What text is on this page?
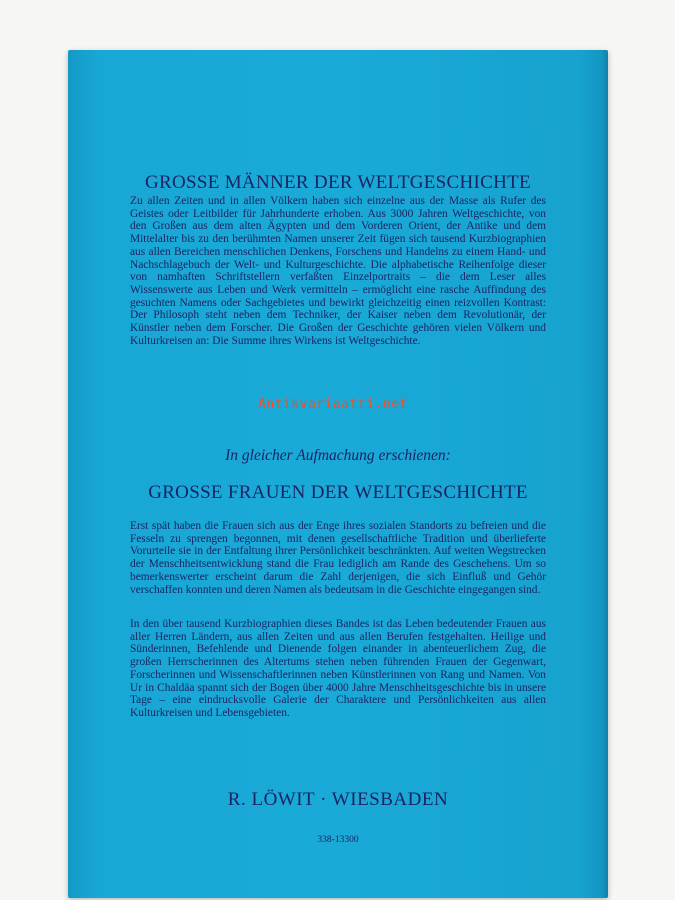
GROSSE MÄNNER DER WELTGESCHICHTE

Zu allen Zeiten und in allen Völkern haben sich einzelne aus der Masse als Rufer des Geistes oder Leitbilder für Jahrhunderte erhoben. Aus 3000 Jahren Weltgeschichte, von den Großen aus dem alten Ägypten und dem Vorderen Orient, der Antike und dem Mittelalter bis zu den berühmten Namen unserer Zeit fügen sich tausend Kurzbiographien aus allen Bereichen menschlichen Denkens, Forschens und Handelns zu einem Hand- und Nachschlagebuch der Welt- und Kulturgeschichte. Die alphabetische Reihenfolge dieser von namhaften Schriftstellern verfaßten Einzelportraits – die dem Leser alles Wissenswerte aus Leben und Werk vermitteln – ermöglicht eine rasche Auffindung des gesuchten Namens oder Sachgebietes und bewirkt gleichzeitig einen reizvollen Kontrast: Der Philosoph steht neben dem Techniker, der Kaiser neben dem Revolutionär, der Künstler neben dem Forscher. Die Großen der Geschichte gehören vielen Völkern und Kulturkreisen an: Die Summe ihres Wirkens ist Weltgeschichte.

Antikvariaatti.net
In gleicher Aufmachung erschienen:
GROSSE FRAUEN DER WELTGESCHICHTE

Erst spät haben die Frauen sich aus der Enge ihres sozialen Standorts zu befreien und die Fesseln zu sprengen begonnen, mit denen gesellschaftliche Tradition und überlieferte Vorurteile sie in der Entfaltung ihrer Persönlichkeit beschränkten. Auf weiten Wegstrecken der Menschheitsentwicklung stand die Frau lediglich am Rande des Geschehens. Um so bemerkenswerter erscheint darum die Zahl derjenigen, die sich Einfluß und Gehör verschaffen konnten und deren Namen als bedeutsam in die Geschichte eingegangen sind.

In den über tausend Kurzbiographien dieses Bandes ist das Leben bedeutender Frauen aus aller Herren Ländern, aus allen Zeiten und aus allen Berufen festgehalten. Heilige und Sünderinnen, Befehlende und Dienende folgen einander in abenteuerlichem Zug, die großen Herrscherinnen des Altertums stehen neben führenden Frauen der Gegenwart, Forscherinnen und Wissenschaftlerinnen neben Künstlerinnen von Rang und Namen. Von Ur in Chaldäa spannt sich der Bogen über 4000 Jahre Menschheitsgeschichte bis in unsere Tage – eine eindrucksvolle Galerie der Charaktere und Persönlichkeiten aus allen Kulturkreisen und Lebensgebieten.

R. LÖWIT · WIESBADEN
338-13300
